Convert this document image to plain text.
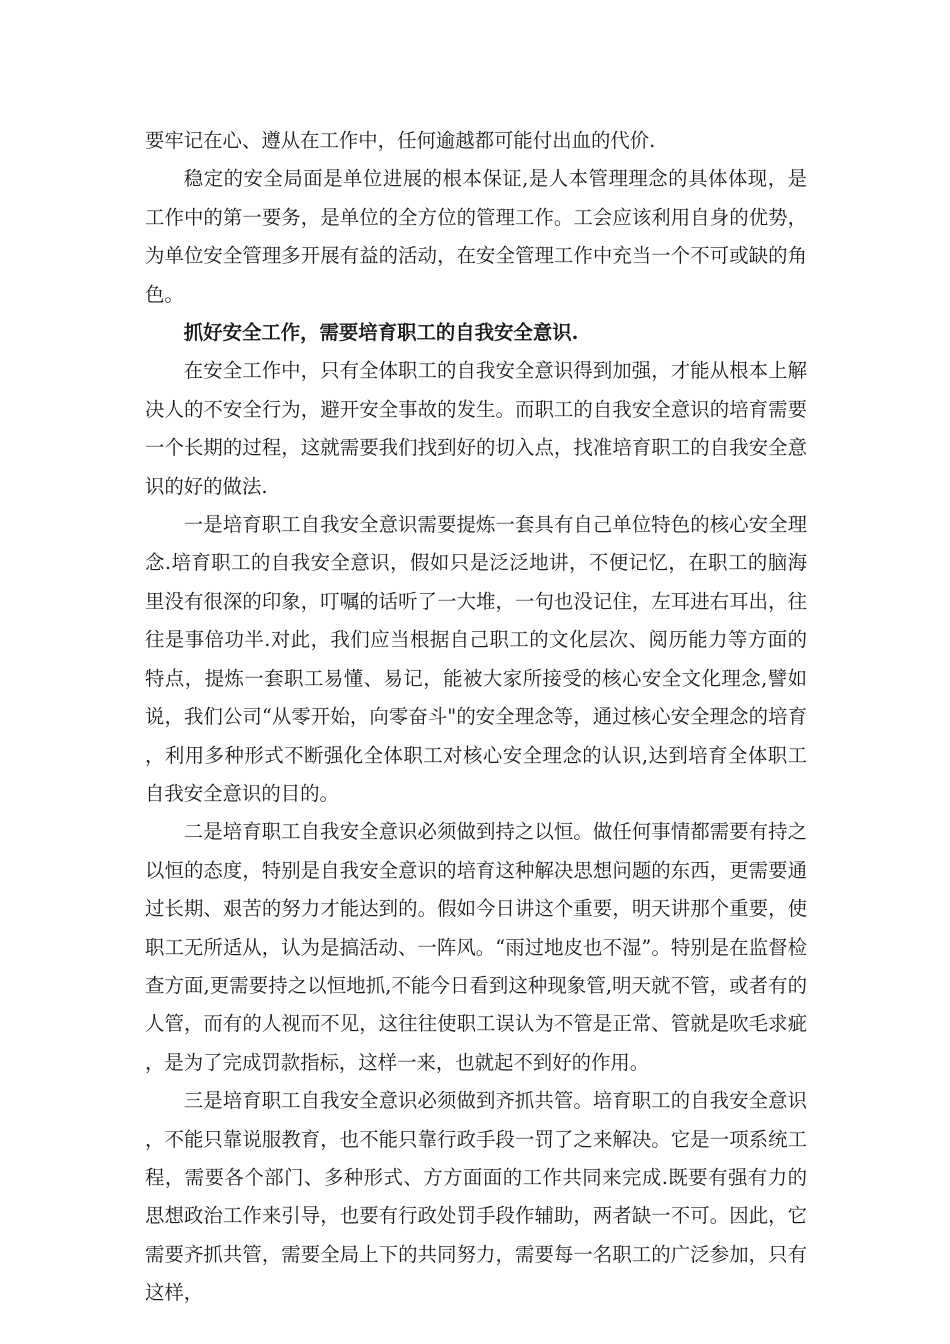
要牢记在心、遵从在工作中，任何逾越都可能付出血的代价.

稳定的安全局面是单位进展的根本保证,是人本管理理念的具体体现，是工作中的第一要务，是单位的全方位的管理工作。工会应该利用自身的优势，为单位安全管理多开展有益的活动，在安全管理工作中充当一个不可或缺的角色。

抓好安全工作，需要培育职工的自我安全意识.

在安全工作中，只有全体职工的自我安全意识得到加强，才能从根本上解决人的不安全行为，避开安全事故的发生。而职工的自我安全意识的培育需要一个长期的过程，这就需要我们找到好的切入点，找准培育职工的自我安全意识的好的做法.

一是培育职工自我安全意识需要提炼一套具有自己单位特色的核心安全理念.培育职工的自我安全意识，假如只是泛泛地讲，不便记忆，在职工的脑海里没有很深的印象，叮嘱的话听了一大堆，一句也没记住，左耳进右耳出，往往是事倍功半.对此，我们应当根据自己职工的文化层次、阅历能力等方面的特点，提炼一套职工易懂、易记，能被大家所接受的核心安全文化理念,譬如说，我们公司“从零开始，向零奋斗"的安全理念等，通过核心安全理念的培育，利用多种形式不断强化全体职工对核心安全理念的认识,达到培育全体职工自我安全意识的目的。

二是培育职工自我安全意识必须做到持之以恒。做任何事情都需要有持之以恒的态度，特别是自我安全意识的培育这种解决思想问题的东西，更需要通过长期、艰苦的努力才能达到的。假如今日讲这个重要，明天讲那个重要，使职工无所适从，认为是搞活动、一阵风。“雨过地皮也不湿”。特别是在监督检查方面,更需要持之以恒地抓,不能今日看到这种现象管,明天就不管，或者有的人管，而有的人视而不见，这往往使职工误认为不管是正常、管就是吹毛求疵，是为了完成罚款指标，这样一来，也就起不到好的作用。

三是培育职工自我安全意识必须做到齐抓共管。培育职工的自我安全意识，不能只靠说服教育，也不能只靠行政手段一罚了之来解决。它是一项系统工程，需要各个部门、多种形式、方方面面的工作共同来完成.既要有强有力的思想政治工作来引导，也要有行政处罚手段作辅助，两者缺一不可。因此，它需要齐抓共管，需要全局上下的共同努力，需要每一名职工的广泛参加，只有这样，
